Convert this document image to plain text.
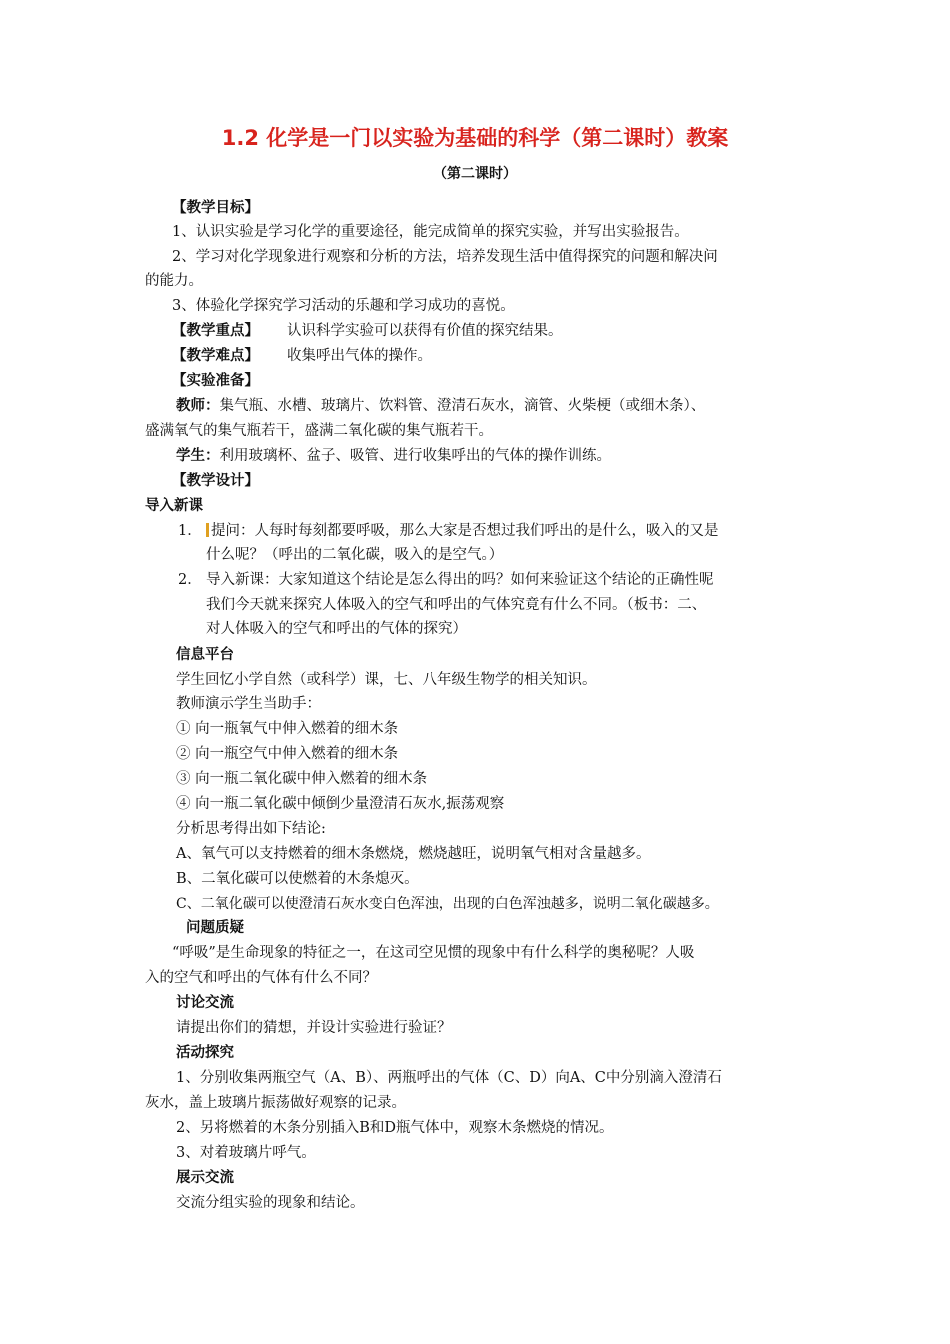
1.2 化学是一门以实验为基础的科学（第二课时）教案
（第二课时）
【教学目标】
1、认识实验是学习化学的重要途径，能完成简单的探究实验，并写出实验报告。
2、学习对化学现象进行观察和分析的方法，培养发现生活中值得探究的问题和解决问
的能力。
3、体验化学探究学习活动的乐趣和学习成功的喜悦。
【教学重点】 认识科学实验可以获得有价值的探究结果。
【教学难点】 收集呼出气体的操作。
【实验准备】
教师：集气瓶、水槽、玻璃片、饮料管、澄清石灰水，滴管、火柴梗（或细木条）、
盛满氧气的集气瓶若干，盛满二氧化碳的集气瓶若干。
学生：利用玻璃杯、盆子、吸管、进行收集呼出的气体的操作训练。
【教学设计】
导入新课
1． 提问：人每时每刻都要呼吸，那么大家是否想过我们呼出的是什么，吸入的又是
什么呢？（呼出的二氧化碳，吸入的是空气。）
2． 导入新课：大家知道这个结论是怎么得出的吗？如何来验证这个结论的正确性呢
我们今天就来探究人体吸入的空气和呼出的气体究竟有什么不同。（板书：二、
对人体吸入的空气和呼出的气体的探究）
信息平台
学生回忆小学自然（或科学）课，七、八年级生物学的相关知识。
教师演示学生当助手：
① 向一瓶氧气中伸入燃着的细木条
② 向一瓶空气中伸入燃着的细木条
③ 向一瓶二氧化碳中伸入燃着的细木条
④ 向一瓶二氧化碳中倾倒少量澄清石灰水,振荡观察
分析思考得出如下结论:
A、氧气可以支持燃着的细木条燃烧，燃烧越旺，说明氧气相对含量越多。
B、二氧化碳可以使燃着的木条熄灭。
C、二氧化碳可以使澄清石灰水变白色浑浊，出现的白色浑浊越多，说明二氧化碳越多。
问题质疑
“呼吸”是生命现象的特征之一，在这司空见惯的现象中有什么科学的奥秘呢？人吸
入的空气和呼出的气体有什么不同？
讨论交流
请提出你们的猜想，并设计实验进行验证？
活动探究
1、分别收集两瓶空气（A、B）、两瓶呼出的气体（C、D）向A、C中分别滴入澄清石
灰水，盖上玻璃片振荡做好观察的记录。
2、另将燃着的木条分别插入B和D瓶气体中，观察木条燃烧的情况。
3、对着玻璃片呼气。
展示交流
交流分组实验的现象和结论。
